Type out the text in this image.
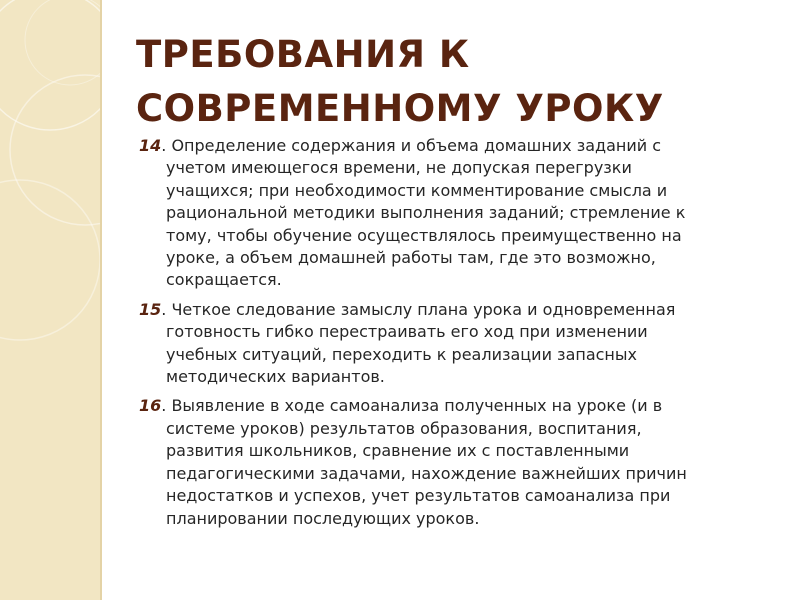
ТРЕБОВАНИЯ К
СОВРЕМЕННОМУ УРОКУ
14. Определение содержания и объема домашних заданий с
учетом имеющегося времени, не допуская перегрузки
учащихся; при необходимости комментирование смысла и
рациональной методики выполнения заданий; стремление к
тому, чтобы обучение осуществлялось преимущественно на
уроке, а объем домашней работы там, где это возможно,
сокращается.
15. Четкое следование замыслу плана урока и одновременная
готовность гибко перестраивать его ход при изменении
учебных ситуаций, переходить к реализации запасных
методических вариантов.
16. Выявление в ходе самоанализа полученных на уроке (и в
системе уроков) результатов образования, воспитания,
развития школьников, сравнение их с поставленными
педагогическими задачами, нахождение важнейших причин
недостатков и успехов, учет результатов самоанализа при
планировании последующих уроков.
